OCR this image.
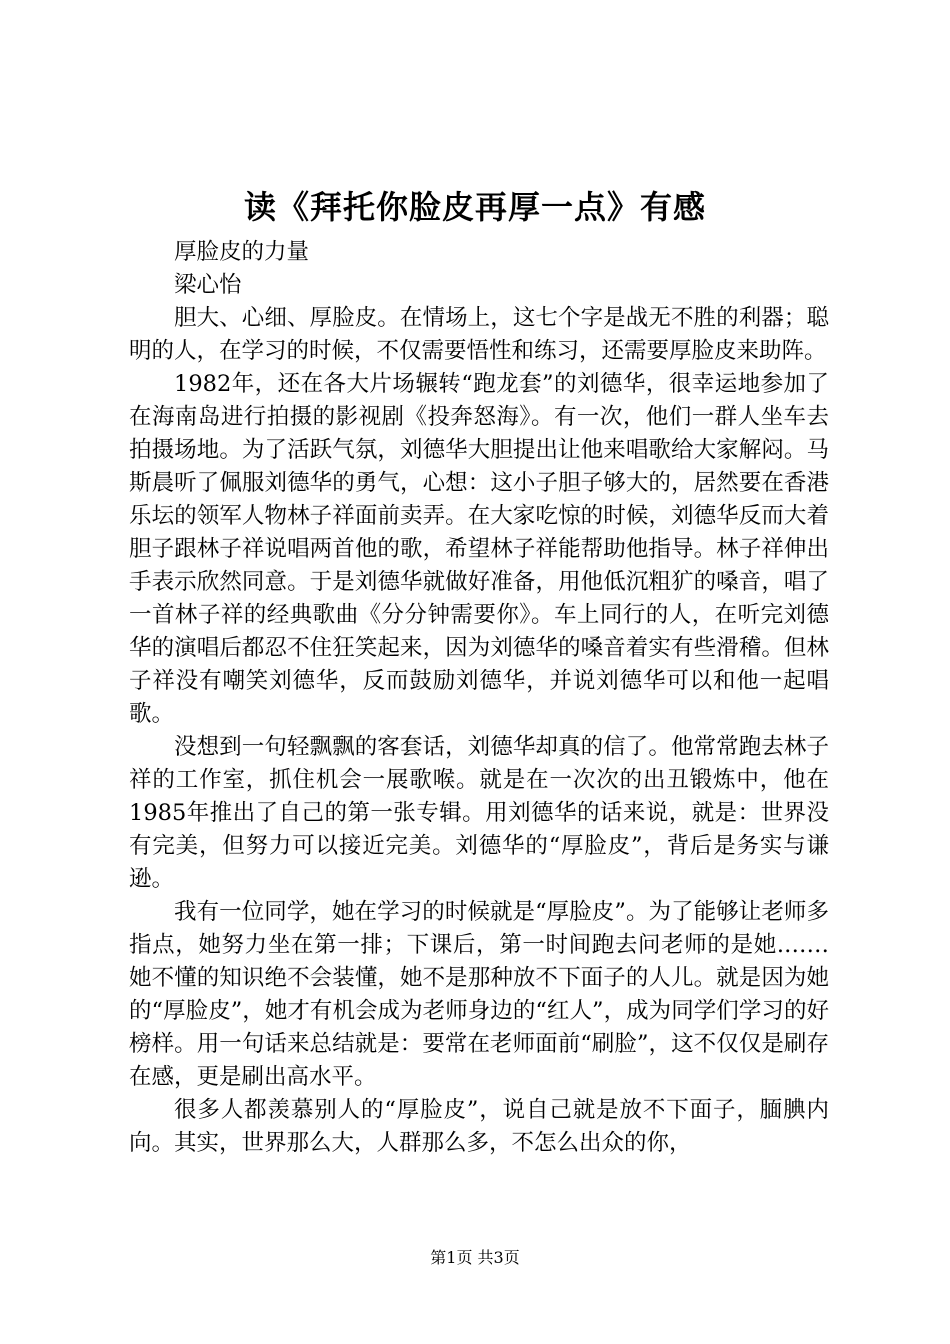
读《拜托你脸皮再厚一点》有感

厚脸皮的力量

梁心怡

胆大、心细、厚脸皮。在情场上，这七个字是战无不胜的利器；聪明的人，在学习的时候，不仅需要悟性和练习，还需要厚脸皮来助阵。

1982年，还在各大片场辗转“跑龙套”的刘德华，很幸运地参加了在海南岛进行拍摄的影视剧《投奔怒海》。有一次，他们一群人坐车去拍摄场地。为了活跃气氛，刘德华大胆提出让他来唱歌给大家解闷。马斯晨听了佩服刘德华的勇气，心想：这小子胆子够大的，居然要在香港乐坛的领军人物林子祥面前卖弄。在大家吃惊的时候，刘德华反而大着胆子跟林子祥说唱两首他的歌，希望林子祥能帮助他指导。林子祥伸出手表示欣然同意。于是刘德华就做好准备，用他低沉粗犷的嗓音，唱了一首林子祥的经典歌曲《分分钟需要你》。车上同行的人，在听完刘德华的演唱后都忍不住狂笑起来，因为刘德华的嗓音着实有些滑稽。但林子祥没有嘲笑刘德华，反而鼓励刘德华，并说刘德华可以和他一起唱歌。

没想到一句轻飘飘的客套话，刘德华却真的信了。他常常跑去林子祥的工作室，抓住机会一展歌喉。就是在一次次的出丑锻炼中，他在1985年推出了自己的第一张专辑。用刘德华的话来说，就是：世界没有完美，但努力可以接近完美。刘德华的“厚脸皮”，背后是务实与谦逊。

我有一位同学，她在学习的时候就是“厚脸皮”。为了能够让老师多指点，她努力坐在第一排；下课后，第一时间跑去问老师的是她.……她不懂的知识绝不会装懂，她不是那种放不下面子的人儿。就是因为她的“厚脸皮”，她才有机会成为老师身边的“红人”，成为同学们学习的好榜样。用一句话来总结就是：要常在老师面前“刷脸”，这不仅仅是刷存在感，更是刷出高水平。

很多人都羡慕别人的“厚脸皮”，说自己就是放不下面子，腼腆内向。其实，世界那么大，人群那么多，不怎么出众的你，

第1页 共3页
